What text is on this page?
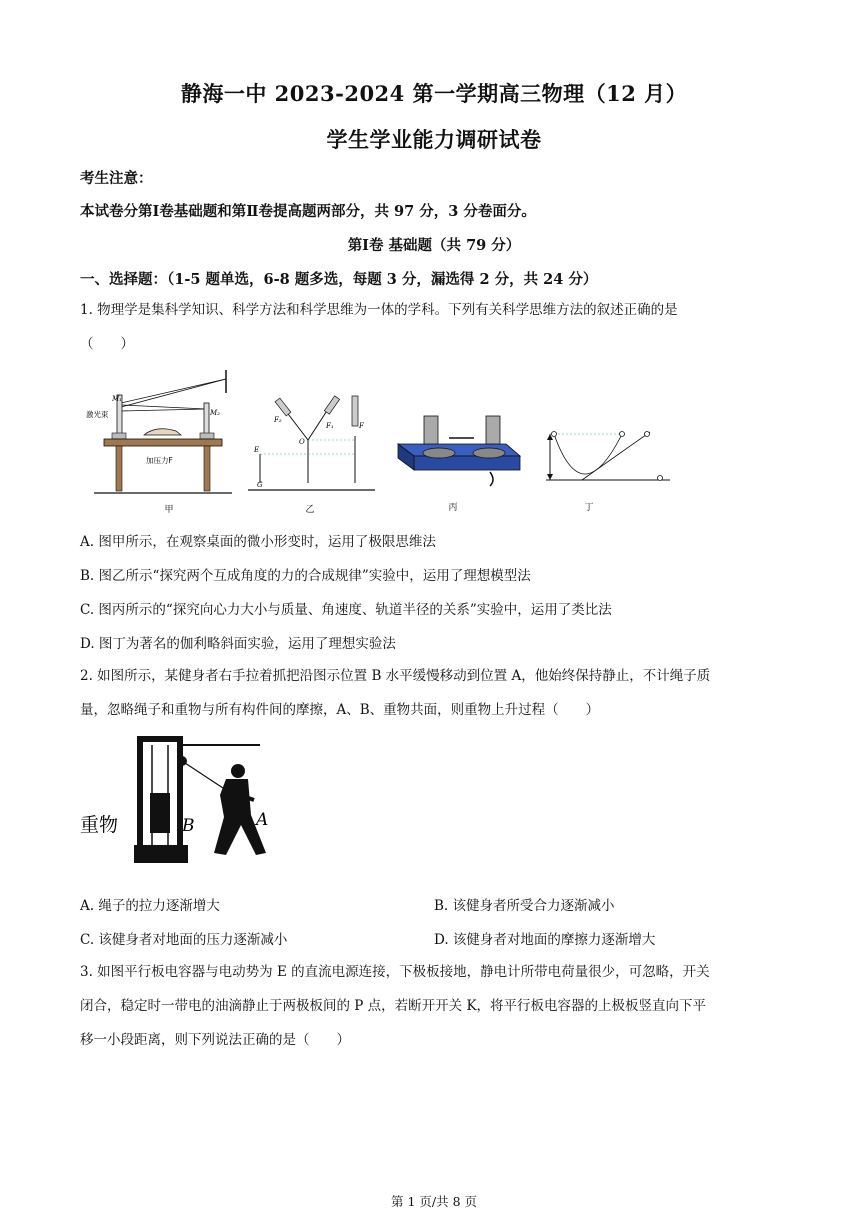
静海一中 2023-2024 第一学期高三物理（12 月）
学生学业能力调研试卷
考生注意：
本试卷分第Ⅰ卷基础题和第Ⅱ卷提高题两部分，共 97 分，3 分卷面分。
第Ⅰ卷 基础题（共 79 分）
一、选择题：（1-5 题单选，6-8 题多选，每题 3 分，漏选得 2 分，共 24 分）
1. 物理学是集科学知识、科学方法和科学思维为一体的学科。下列有关科学思维方法的叙述正确的是
（　　）
M₁
M₂
激光束
加压力F
甲
F₂
F₁	F
O
E
G
乙	丙	丁
A. 图甲所示，在观察桌面的微小形变时，运用了极限思维法
B. 图乙所示“探究两个互成角度的力的合成规律”实验中，运用了理想模型法
C. 图丙所示的“探究向心力大小与质量、角速度、轨道半径的关系”实验中，运用了类比法
D. 图丁为著名的伽利略斜面实验，运用了理想实验法
2. 如图所示，某健身者右手拉着抓把沿图示位置 B 水平缓慢移动到位置 A，他始终保持静止，不计绳子质
量，忽略绳子和重物与所有构件间的摩擦，A、B、重物共面，则重物上升过程（　　）
重物	B	A
A. 绳子的拉力逐渐增大	B. 该健身者所受合力逐渐减小
C. 该健身者对地面的压力逐渐减小	D. 该健身者对地面的摩擦力逐渐增大
3. 如图平行板电容器与电动势为 E 的直流电源连接，下极板接地，静电计所带电荷量很少，可忽略，开关
闭合，稳定时一带电的油滴静止于两极板间的 P 点，若断开开关 K，将平行板电容器的上极板竖直向下平
移一小段距离，则下列说法正确的是（　　）
第 1 页/共 8 页
